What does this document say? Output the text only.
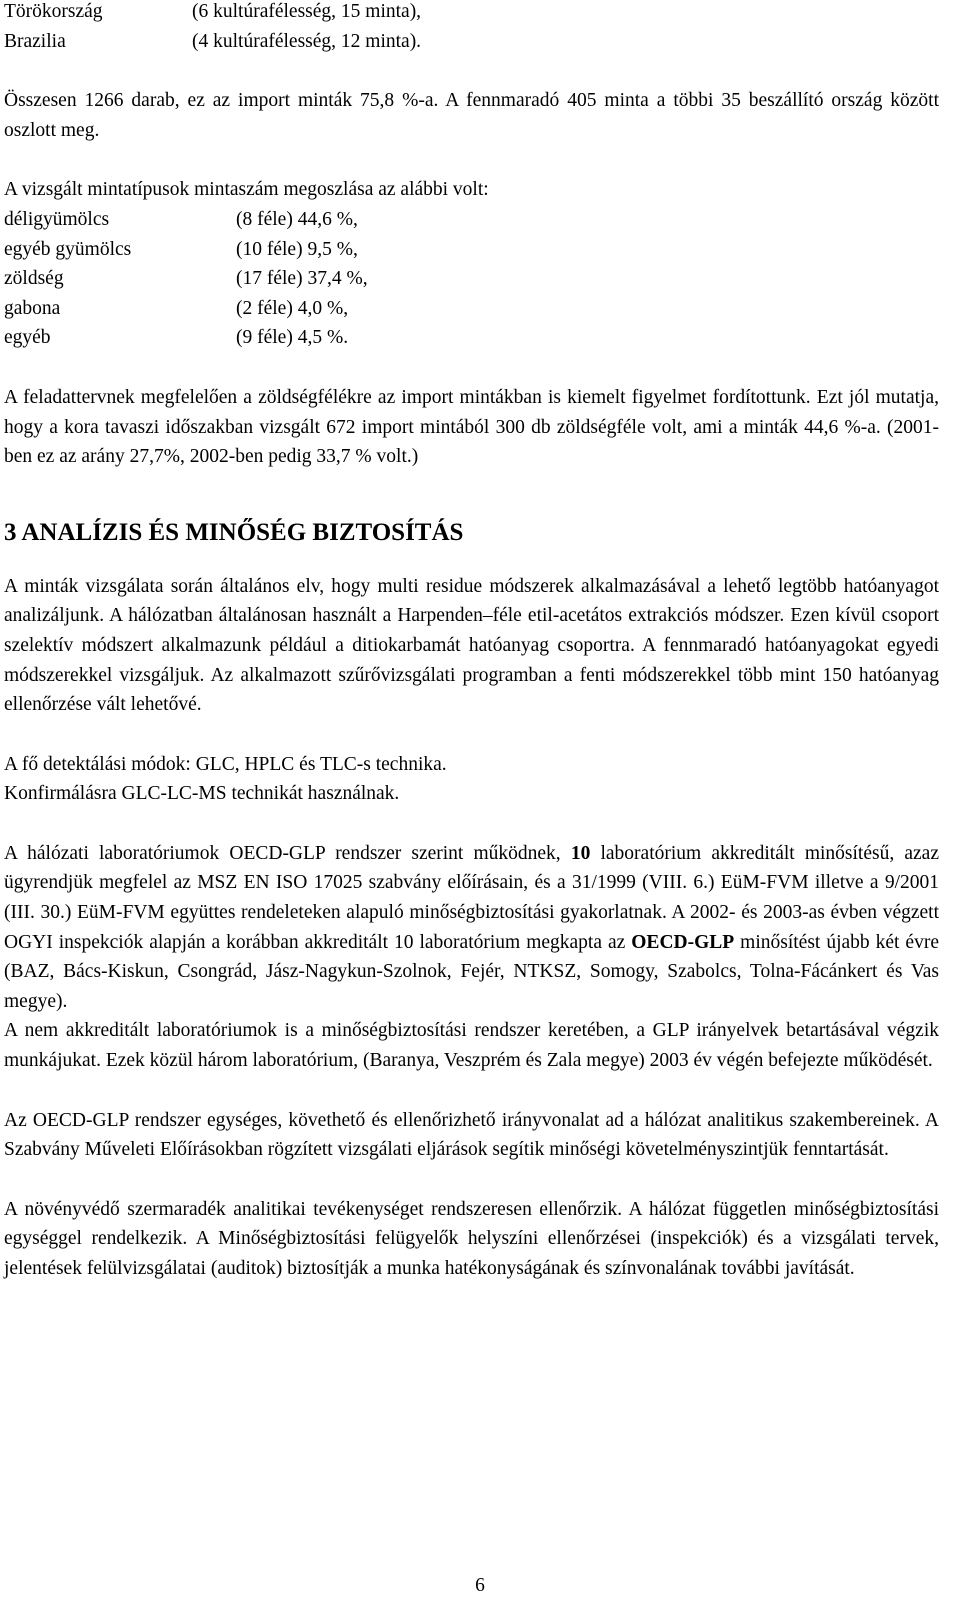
Törökország	(6 kultúrafélesség, 15 minta),
Brazilia	(4 kultúrafélesség, 12 minta).

Összesen 1266 darab, ez az import minták 75,8 %-a. A fennmaradó 405 minta a többi 35 beszállító ország között oszlott meg.

A vizsgált mintatípusok mintaszám megoszlása az alábbi volt:

déligyümölcs	(8 féle) 44,6 %,
egyéb gyümölcs	(10 féle) 9,5 %,
zöldség	(17 féle) 37,4 %,
gabona	(2 féle) 4,0 %,
egyéb	(9 féle) 4,5 %.

A feladattervnek megfelelően a zöldségfélékre az import mintákban is kiemelt figyelmet fordítottunk. Ezt jól mutatja, hogy a kora tavaszi időszakban vizsgált 672 import mintából 300 db zöldségféle volt, ami a minták 44,6 %-a. (2001-ben ez az arány 27,7%, 2002-ben pedig 33,7 % volt.)

3 ANALÍZIS ÉS MINŐSÉG BIZTOSÍTÁS

A minták vizsgálata során általános elv, hogy multi residue módszerek alkalmazásával a lehető legtöbb hatóanyagot analizáljunk. A hálózatban általánosan használt a Harpenden–féle etil-acetátos extrakciós módszer. Ezen kívül csoport szelektív módszert alkalmazunk például a ditiokarbamát hatóanyag csoportra. A fennmaradó hatóanyagokat egyedi módszerekkel vizsgáljuk. Az alkalmazott szűrővizsgálati programban a fenti módszerekkel több mint 150 hatóanyag ellenőrzése vált lehetővé.

A fő detektálási módok: GLC, HPLC és TLC-s technika.

Konfirmálásra GLC-LC-MS technikát használnak.

A hálózati laboratóriumok OECD-GLP rendszer szerint működnek, 10 laboratórium akkreditált minősítésű, azaz ügyrendjük megfelel az MSZ EN ISO 17025 szabvány előírásain, és a 31/1999 (VIII. 6.) EüM-FVM illetve a 9/2001 (III. 30.) EüM-FVM együttes rendeleteken alapuló minőségbiztosítási gyakorlatnak. A 2002- és 2003-as évben végzett OGYI inspekciók alapján a korábban akkreditált 10 laboratórium megkapta az OECD-GLP minősítést újabb két évre (BAZ, Bács-Kiskun, Csongrád, Jász-Nagykun-Szolnok, Fejér, NTKSZ, Somogy, Szabolcs, Tolna-Fácánkert és Vas megye).

A nem akkreditált laboratóriumok is a minőségbiztosítási rendszer keretében, a GLP irányelvek betartásával végzik munkájukat. Ezek közül három laboratórium, (Baranya, Veszprém és Zala megye) 2003 év végén befejezte működését.

Az OECD-GLP rendszer egységes, követhető és ellenőrizhető irányvonalat ad a hálózat analitikus szakembereinek. A Szabvány Műveleti Előírásokban rögzített vizsgálati eljárások segítik minőségi követelményszintjük fenntartását.

A növényvédő szermaradék analitikai tevékenységet rendszeresen ellenőrzik. A hálózat független minőségbiztosítási egységgel rendelkezik. A Minőségbiztosítási felügyelők helyszíni ellenőrzései (inspekciók) és a vizsgálati tervek, jelentések felülvizsgálatai (auditok) biztosítják a munka hatékonyságának és színvonalának további javítását.

6
